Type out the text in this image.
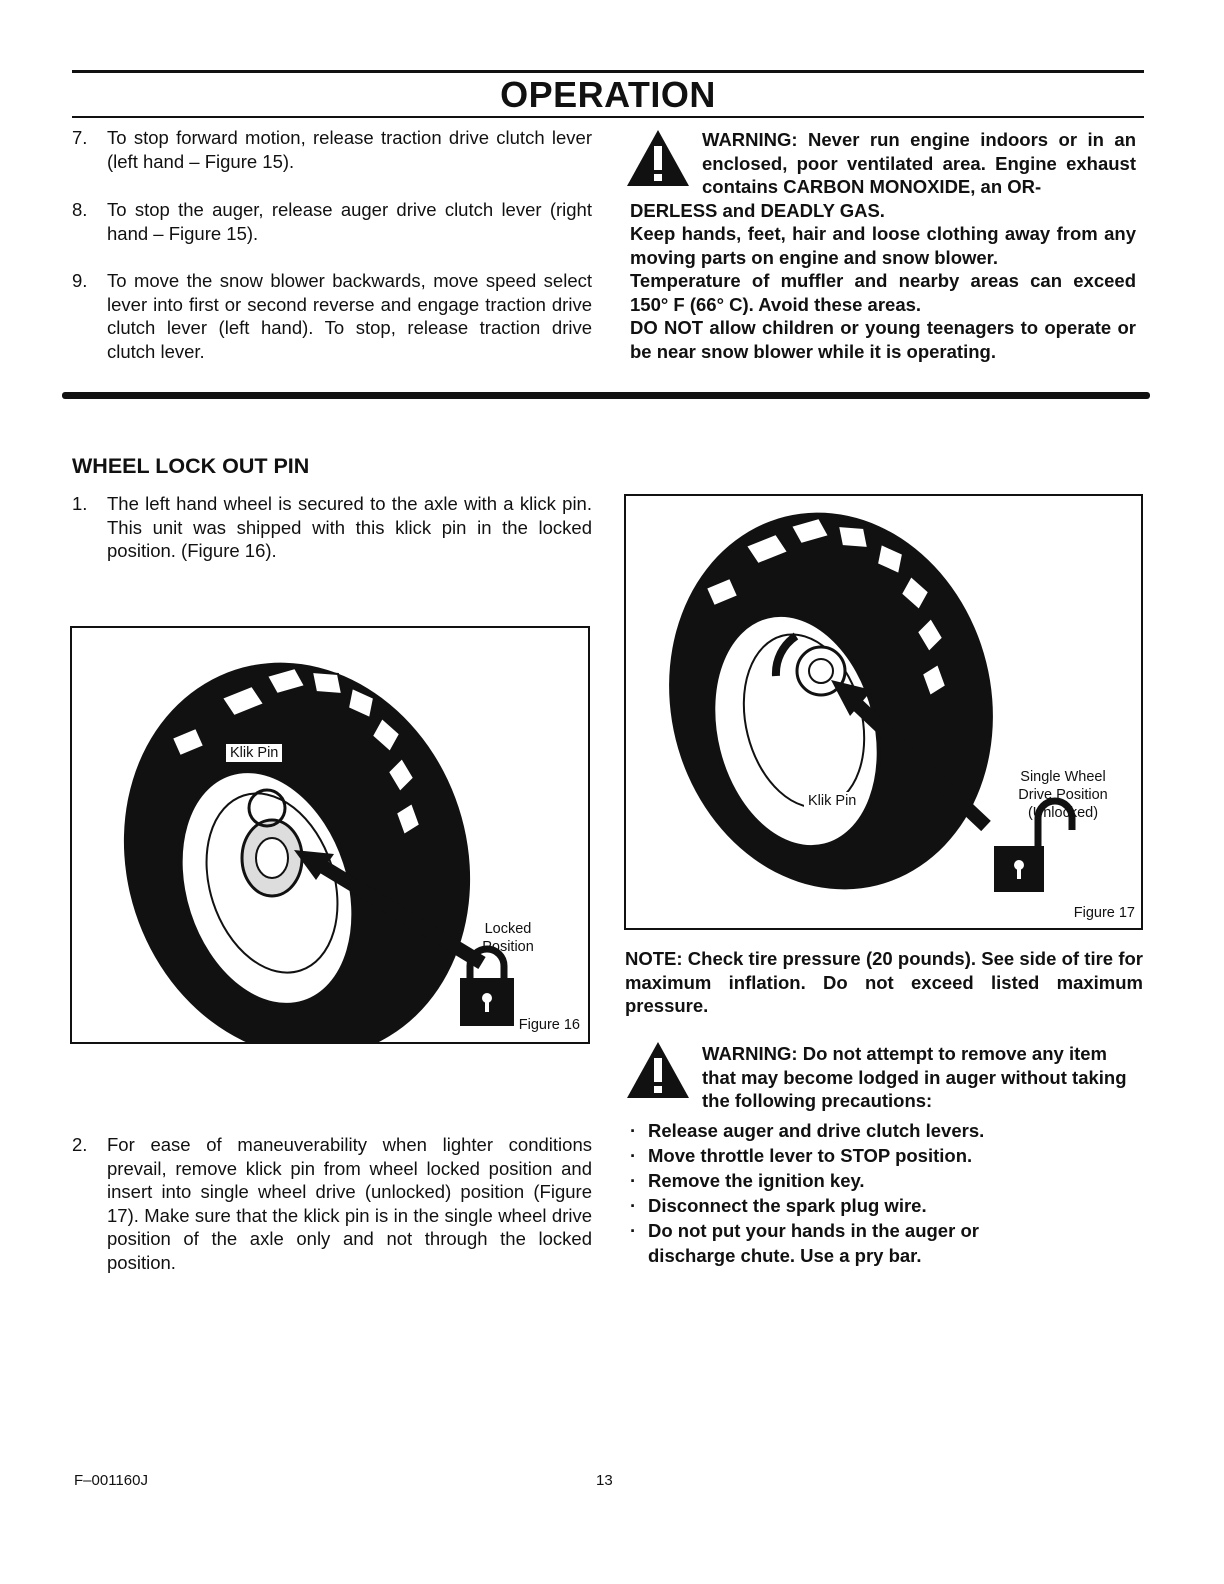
OPERATION
7. To stop forward motion, release traction drive clutch lever (left hand – Figure 15).
8. To stop the auger, release auger drive clutch lever (right hand – Figure 15).
9. To move the snow blower backwards, move speed select lever into first or second reverse and engage traction drive clutch lever (left hand). To stop, release traction drive clutch lever.

WARNING: Never run engine indoors or in an enclosed, poor ventilated area. Engine exhaust contains CARBON MONOXIDE, an OR-

DERLESS and DEADLY GAS.

Keep hands, feet, hair and loose clothing away from any moving parts on engine and snow blower.

Temperature of muffler and nearby areas can exceed 150° F (66° C). Avoid these areas.

DO NOT allow children or young teenagers to operate or be near snow blower while it is operating.

WHEEL LOCK OUT PIN
1. The left hand wheel is secured to the axle with a klick pin. This unit was shipped with this klick pin in the locked position. (Figure 16).
Klik Pin
Locked
Position
Figure 16
2. For ease of maneuverability when lighter conditions prevail, remove klick pin from wheel locked position and insert into single wheel drive (unlocked) position (Figure 17). Make sure that the klick pin is in the single wheel drive position of the axle only and not through the locked position.
Klik Pin
Single Wheel
Drive Position
(Unlocked)
Figure 17
NOTE: Check tire pressure (20 pounds). See side of tire for maximum inflation. Do not exceed listed maximum pressure.
WARNING: Do not attempt to remove any item that may become lodged in auger without taking the following precautions:
· Release auger and drive clutch levers.
· Move throttle lever to STOP position.
· Remove the ignition key.
· Disconnect the spark plug wire.
· Do not put your hands in the auger or discharge chute. Use a pry bar.
F–001160J	13
